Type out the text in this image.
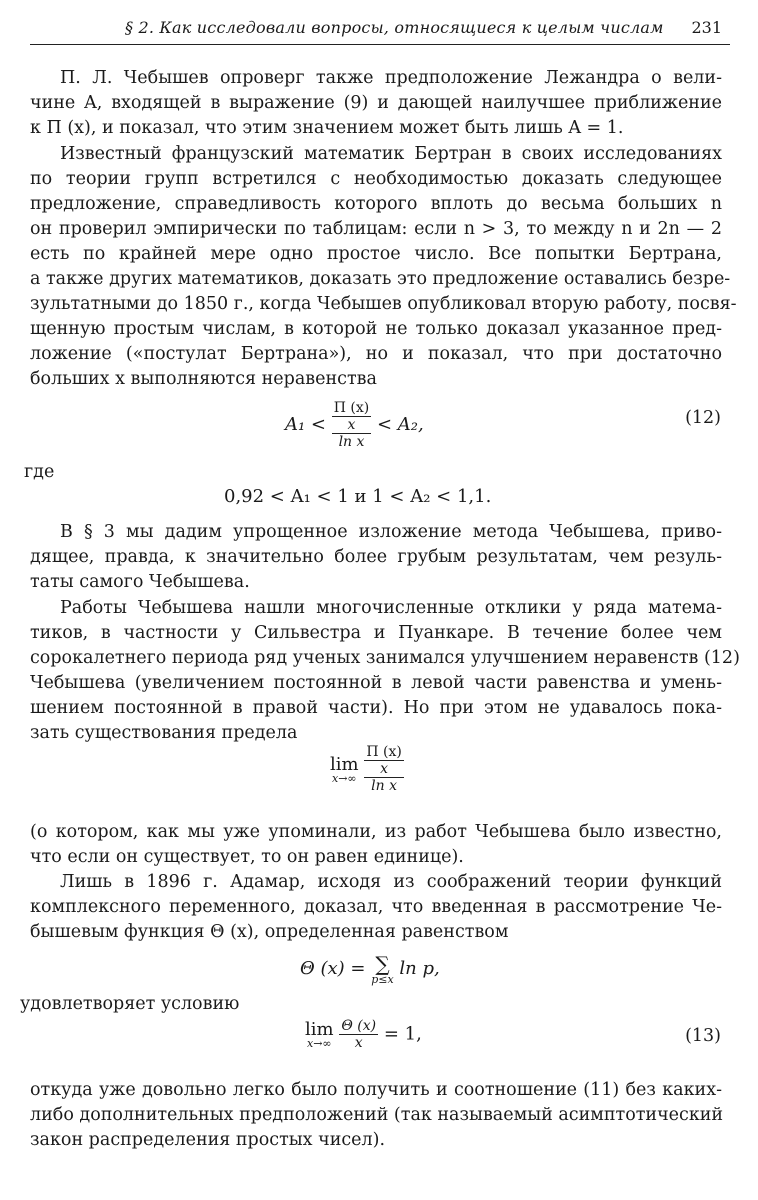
§ 2. Как исследовали вопросы, относящиеся к целым числам 231
П. Л. Чебышев опроверг также предположение Лежандра о вели-
чине A, входящей в выражение (9) и дающей наилучшее приближение
к П (x), и показал, что этим значением может быть лишь A = 1.
Известный французский математик Бертран в своих исследованиях
по теории групп встретился с необходимостью доказать следующее
предложение, справедливость которого вплоть до весьма больших n
он проверил эмпирически по таблицам: если n > 3, то между n и 2n — 2
есть по крайней мере одно простое число. Все попытки Бертрана,
а также других математиков, доказать это предложение оставались безре-
зультатными до 1850 г., когда Чебышев опубликовал вторую работу, посвя-
щенную простым числам, в которой не только доказал указанное пред-
ложение («постулат Бертрана»), но и показал, что при достаточно
больших x выполняются неравенства
A₁ <
П (x)
x
ln x
< A₂,	(12)
где
0,92 < A₁ < 1 и 1 < A₂ < 1,1.
В § 3 мы дадим упрощенное изложение метода Чебышева, приво-
дящее, правда, к значительно более грубым результатам, чем резуль-
таты самого Чебышева.
Работы Чебышева нашли многочисленные отклики у ряда матема-
тиков, в частности у Сильвестра и Пуанкаре. В течение более чем
сорокалетнего периода ряд ученых занимался улучшением неравенств (12)
Чебышева (увеличением постоянной в левой части равенства и умень-
шением постоянной в правой части). Но при этом не удавалось пока-
зать существования предела
lim
x→∞

П (x)
x
ln x
(о котором, как мы уже упоминали, из работ Чебышева было известно,
что если он существует, то он равен единице).
Лишь в 1896 г. Адамар, исходя из соображений теории функций
комплексного переменного, доказал, что введенная в рассмотрение Че-
бышевым функция Θ (x), определенная равенством
Θ (x) = ∑
p≤x
ln p,
удовлетворяет условию
lim
x→∞
$\frac{\Theta (x)}{x} = 1$,	(13)
откуда уже довольно легко было получить и соотношение (11) без каких-
либо дополнительных предположений (так называемый асимптотический
закон распределения простых чисел).
